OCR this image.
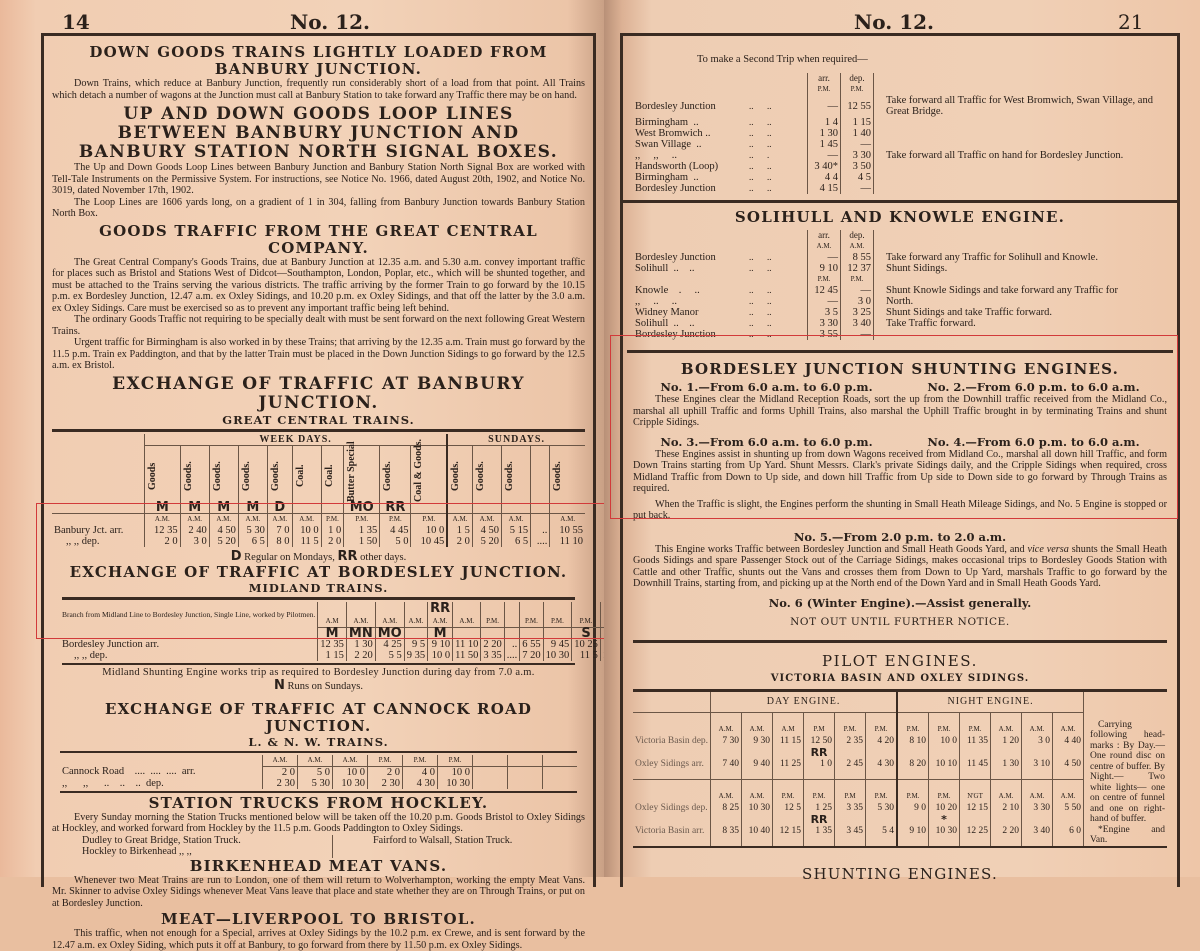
14	No. 12.
DOWN GOODS TRAINS LIGHTLY LOADED FROM BANBURY JUNCTION.

Down Trains, which reduce at Banbury Junction, frequently run considerably short of a load from that point. All Trains which detach a number of wagons at the Junction must call at Banbury Station to take forward any Traffic there may be on hand.

UP AND DOWN GOODS LOOP LINES BETWEEN BANBURY JUNCTION AND BANBURY STATION NORTH SIGNAL BOXES.

The Up and Down Goods Loop Lines between Banbury Junction and Banbury Station North Signal Box are worked with Tell-Tale Instruments on the Permissive System. For instructions, see Notice No. 1966, dated August 20th, 1902, and Notice No. 3019, dated November 17th, 1902.

The Loop Lines are 1606 yards long, on a gradient of 1 in 304, falling from Banbury Junction towards Banbury Station North Box.

GOODS TRAFFIC FROM THE GREAT CENTRAL COMPANY.

The Great Central Company's Goods Trains, due at Banbury Junction at 12.35 a.m. and 5.30 a.m. convey important traffic for places such as Bristol and Stations West of Didcot—Southampton, London, Poplar, etc., which will be shunted together, and must be attached to the Trains serving the various districts. The traffic arriving by the former Train to go forward by the 10.15 p.m. ex Bordesley Junction, 12.47 a.m. ex Oxley Sidings, and 10.20 p.m. ex Oxley Sidings, and that off the latter by the 3.0 a.m. ex Oxley Sidings. Care must be exercised so as to prevent any important traffic being left behind.

The ordinary Goods Traffic not requiring to be specially dealt with must be sent forward on the next following Great Western Trains.

Urgent traffic for Birmingham is also worked in by these Trains; that arriving by the 12.35 a.m. Train must go forward by the 11.5 p.m. Train ex Paddington, and that by the latter Train must be placed in the Down Junction Sidings to go forward by the 12.5 a.m. ex Bristol.

EXCHANGE OF TRAFFIC AT BANBURY JUNCTION.
GREAT CENTRAL TRAINS.
	WEEK DAYS.										SUNDAYS.				

	Goods	Goods.	Goods.	Goods.	Goods.	Coal.	Coal.	Butter Special	Goods.	Coal & Goods.	Goods.	Goods.	Goods.		Goods.

	M	M	M	M	D			MO	RR						
	A.M.	A.M.	A.M.	A.M.	A.M.	A.M.	P.M.	P.M.	P.M.	P.M.	A.M.	A.M.	A.M.		A.M.
Banbury Jct. arr.	12 35	2 40	4 50	5 30	7 0	10 0	1 0	1 35	4 45	10 0	1 5	4 50	5 15	..	10 55
,, ,, dep.	2 0	3 0	5 20	6 5	8 0	11 5	2 0	1 50	5 0	10 45	2 0	5 20	6 5	....	11 10
D Regular on Mondays, RR other days.
EXCHANGE OF TRAFFIC AT BORDESLEY JUNCTION.
MIDLAND TRAINS.
Branch from Midland Line to Bordesley Junction, Single Line, worked by Pilotmen.					RR							
	A.M	A.M.	A.M.	A.M.	A.M.	A.M.	P.M.		P.M.	P.M.	P.M.	
	M	MN	MO		M						S	
Bordesley Junction arr.	12 35	1 30	4 25	9 5	9 10	11 10	2 20	..	6 55	9 45	10 25	
,, ,, dep.	1 15	2 20	5 5	9 35	10 0	11 50	3 35	....	7 20	10 30	11 5	
Midland Shunting Engine works trip as required to Bordesley Junction during day from 7.0 a.m.
N Runs on Sundays.
EXCHANGE OF TRAFFIC AT CANNOCK ROAD JUNCTION.
L. & N. W. TRAINS.
	A.M.	A.M.	A.M.	P.M.	P.M.	P.M.			
Cannock Road    ....  ....  ....  arr.	2 0	5 0	10 0	2 0	4 0	10 0			
,,      ,,      ..    ..    ..  dep.	2 30	5 30	10 30	2 30	4 30	10 30			
STATION TRUCKS FROM HOCKLEY.

Every Sunday morning the Station Trucks mentioned below will be taken off the 10.20 p.m. Goods Bristol to Oxley Sidings at Hockley, and worked forward from Hockley by the 11.5 p.m. Goods Paddington to Oxley Sidings.

Dudley to Great Bridge, Station Truck.
Hockley to Birkenhead ,, ,,
Fairford to Walsall, Station Truck.
BIRKENHEAD MEAT VANS.

Whenever two Meat Trains are run to London, one of them will return to Wolverhampton, working the empty Meat Vans. Mr. Skinner to advise Oxley Sidings whenever Meat Vans leave that place and state whether they are on Through Trains, or put on at Bordesley Junction.

MEAT—LIVERPOOL TO BRISTOL.

This traffic, when not enough for a Special, arrives at Oxley Sidings by the 10.2 p.m. ex Crewe, and is sent forward by the 12.47 a.m. ex Oxley Siding, which puts it off at Banbury, to go forward from there by 11.50 p.m. ex Oxley Sidings.

No. 12.	21
To make a Second Trip when required—
		arr.	dep.	
		P.M.	P.M.	
Bordesley Junction	..      ..	—	12 55	Take forward all Traffic for West Bromwich, Swan Village, and Great Bridge.
Birmingham  ..	..      ..	1 4	1 15	
West Bromwich ..	..      ..	1 30	1 40	
Swan Village  ..	..      ..	1 45	—	
,,     ,,     ..	..      .	—	3 30	Take forward all Traffic on hand for Bordesley Junction.
Handsworth (Loop)	..      ..	3 40*	3 50	
Birmingham  ..	..      ..	4 4	4 5	
Bordesley Junction	..      ..	4 15	—	
SOLIHULL AND KNOWLE ENGINE.
		arr.	dep.	
		A.M.	A.M.	
Bordesley Junction	..      ..	—	8 55	Take forward any Traffic for Solihull and Knowle.
Solihull  ..    ..	..      ..	9 10	12 37	Shunt Sidings.
		P.M.	P.M.	
Knowle    .     ..	..      ..	12 45	—	Shunt Knowle Sidings and take forward any Traffic for
,,     ..     ..	..      ..	—	3 0	North.
Widney Manor	..      ..	3 5	3 25	Shunt Sidings and take Traffic forward.
Solihull  ..    ..	..      ..	3 30	3 40	Take Traffic forward.
Bordesley Junction	..      ..	3 55	—	
BORDESLEY JUNCTION SHUNTING ENGINES.
No. 1.—From 6.0 a.m. to 6.0 p.m.	No. 2.—From 6.0 p.m. to 6.0 a.m.

These Engines clear the Midland Reception Roads, sort the up from the Downhill traffic received from the Midland Co., marshal all uphill Traffic and forms Uphill Trains, also marshal the Uphill Traffic brought in by terminating Trains and shunt Cripple Sidings.

No. 3.—From 6.0 a.m. to 6.0 p.m.	No. 4.—From 6.0 p.m. to 6.0 a.m.

These Engines assist in shunting up from down Wagons received from Midland Co., marshal all down hill Traffic, and form Down Trains starting from Up Yard. Shunt Messrs. Clark's private Sidings daily, and the Cripple Sidings when required, cross Midland Traffic from Down to Up side, and down hill Traffic from Up side to Down side to go forward by Through Trains as required.

When the Traffic is slight, the Engines perform the shunting in Small Heath Mileage Sidings, and No. 5 Engine is stopped or put back.

No. 5.—From 2.0 p.m. to 2.0 a.m.

This Engine works Traffic between Bordesley Junction and Small Heath Goods Yard, and vice versa shunts the Small Heath Goods Sidings and spare Passenger Stock out of the Carriage Sidings, makes occasional trips to Bordesley Goods Station with Cattle and other Traffic, shunts out the Vans and crosses them from Down to Up Yard, marshals Traffic to go forward by the Downhill Trains, starting from, and picking up at the North end of the Down Yard and in Small Heath Goods Yard.

No. 6 (Winter Engine).—Assist generally.
NOT OUT UNTIL FURTHER NOTICE.
PILOT ENGINES.
VICTORIA BASIN AND OXLEY SIDINGS.
	DAY ENGINE.						NIGHT ENGINE.					
	A.M.	A.M.	A.M	P.M	P.M.	P.M.	P.M.	P.M.	P.M.	A.M.	A.M.	A.M.
Victoria Basin dep.	7 30	9 30	11 15	12 50	2 35	4 20	8 10	10 0	11 35	1 20	3 0	4 40
				RR								
Oxley Sidings arr.	7 40	9 40	11 25	1 0	2 45	4 30	8 20	10 10	11 45	1 30	3 10	4 50
	A.M.	A.M.	P.M.	P.M.	P.M	P.M.	P.M.	P.M.	N'GT	A.M.	A.M.	A.M.
Oxley Sidings dep.	8 25	10 30	12 5	1 25	3 35	5 30	9 0	10 20	12 15	2 10	3 30	5 50
				RR				*				
Victoria Basin arr.	8 35	10 40	12 15	1 35	3 45	5 4	9 10	10 30	12 25	2 20	3 40	6 0
Carrying following head-marks : By Day.— One round disc on centre of buffer. By Night.— Two white lights— one on centre of funnel and one on right-hand of buffer.
*Engine and Van.
SHUNTING ENGINES.
